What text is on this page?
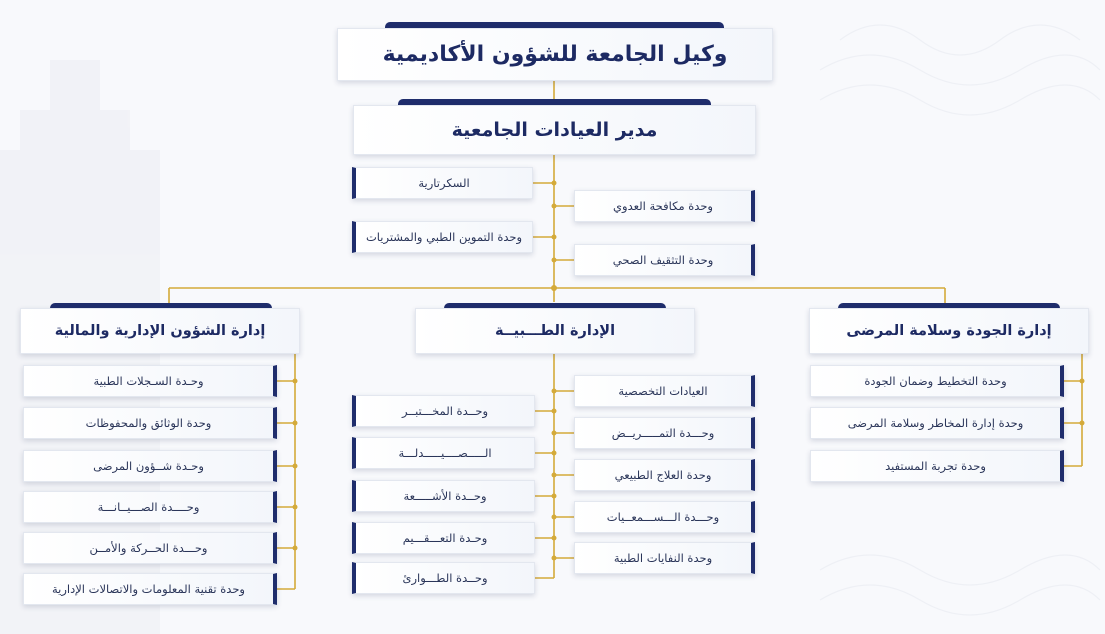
وكيل الجامعة للشؤون الأكاديمية
مدير العيادات الجامعية
السكرتارية
وحدة التموين الطبي والمشتريات
وحدة مكافحة العدوي
وحدة التثقيف الصحي
إدارة الشؤون الإدارية والمالية
وحـدة السـجلات الطبية
وحدة الوثائق والمحفوظات
وحـدة شــؤون المرضى
وحــــدة الصـــيــانـــة
وحـــدة الحــركة والأمــن
وحدة تقنية المعلومات والاتصالات الإدارية
الإدارة الطـــبيــة
وحــدة المخـــتبــر
الـــــصــــيـــــدلـــة
وحــدة الأشـــــعة
وحـدة التعـــقـــيم
وحــدة الطـــوارئ
العيادات التخصصية
وحـــدة التمـــــريــض
وحدة العلاج الطبيعي
وحـــدة الـــســـمعــيات
وحدة النفايات الطبية
إدارة الجودة وسلامة المرضى
وحدة التخطيط وضمان الجودة
وحدة إدارة المخاطر وسلامة المرضى
وحدة تجربة المستفيد
